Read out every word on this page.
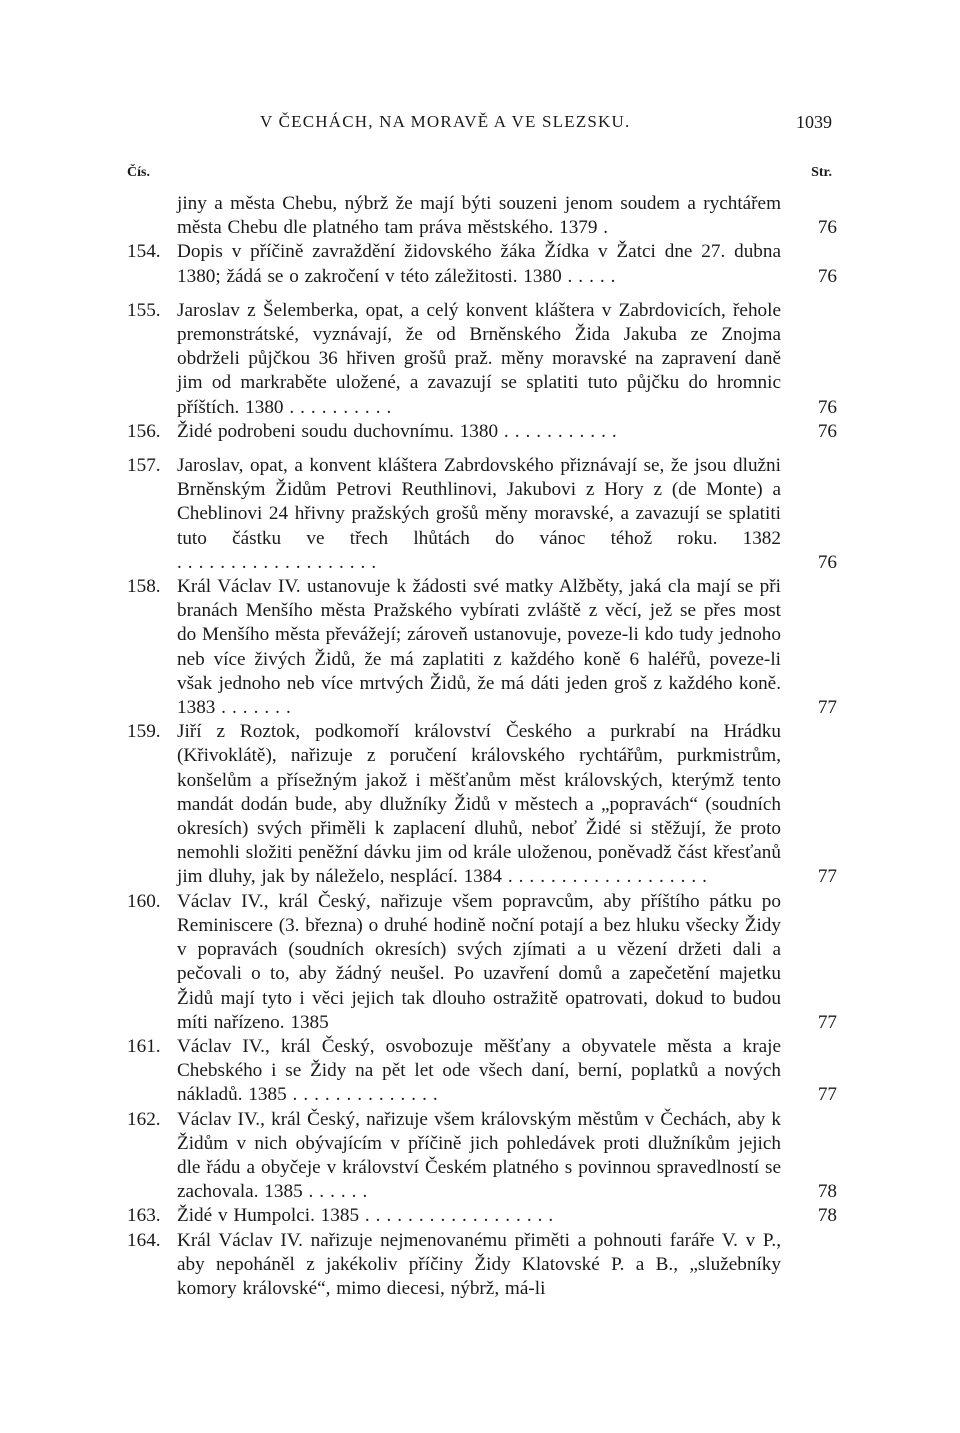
V ČECHÁCH, NA MORAVĚ A VE SLEZSKU.	1039
Čís.	Str.
jiny a města Chebu, nýbrž že mají býti souzeni jenom soudem a rychtářem města Chebu dle platného tam práva městského. 1379 .	76
154. Dopis v příčině zavraždění židovského žáka Žídka v Žatci dne 27. dubna 1380; žádá se o zakročení v této záležitosti. 1380 .....	76
155. Jaroslav z Šelemberka, opat, a celý konvent kláštera v Zabrdovicích, řehole premonstrátské, vyznávají, že od Brněnského Žida Jakuba ze Znojma obdrželi půjčkou 36 hřiven grošů praž. měny moravské na zapravení daně jim od markraběte uložené, a zavazují se splatiti tuto půjčku do hromnic příštích. 1380 ..........	76
156. Židé podrobeni soudu duchovnímu. 1380 ...........	76
157. Jaroslav, opat, a konvent kláštera Zabrdovského přiznávají se, že jsou dlužni Brněnským Židům Petrovi Reuthlinovi, Jakubovi z Hory z (de Monte) a Cheblinovi 24 hřivny pražských grošů měny moravské, a zavazují se splatiti tuto částku ve třech lhůtách do vánoc téhož roku. 1382 ...................	76
158. Král Václav IV. ustanovuje k žádosti své matky Alžběty, jaká cla mají se při branách Menšího města Pražského vybírati zvláště z věcí, jež se přes most do Menšího města převážejí; zároveň ustanovuje, poveze-li kdo tudy jednoho neb více živých Židů, že má zaplatiti z každého koně 6 haléřů, poveze-li však jednoho neb více mrtvých Židů, že má dáti jeden groš z každého koně. 1383 .......	77
159. Jiří z Roztok, podkomoří království Českého a purkrabí na Hrádku (Křivoklátě), nařizuje z poručení královského rychtářům, purkmistrům, konšelům a přísežným jakož i měšťanům měst královských, kterýmž tento mandát dodán bude, aby dlužníky Židů v městech a „popravách“ (soudních okresích) svých přiměli k zaplacení dluhů, neboť Židé si stěžují, že proto nemohli složiti peněžní dávku jim od krále uloženou, poněvadž část křesťanů jim dluhy, jak by náleželo, nesplácí. 1384 ...................	77
160. Václav IV., král Český, nařizuje všem popravcům, aby příštího pátku po Reminiscere (3. března) o druhé hodině noční potají a bez hluku všecky Židy v popravách (soudních okresích) svých zjímati a u vězení držeti dali a pečovali o to, aby žádný neušel. Po uzavření domů a zapečetění majetku Židů mají tyto i věci jejich tak dlouho ostražitě opatrovati, dokud to budou míti nařízeno. 1385	77
161. Václav IV., král Český, osvobozuje měšťany a obyvatele města a kraje Chebského i se Židy na pět let ode všech daní, berní, poplatků a nových nákladů. 1385 ..............	77
162. Václav IV., král Český, nařizuje všem královským městům v Čechách, aby k Židům v nich obývajícím v příčině jich pohledávek proti dlužníkům jejich dle řádu a obyčeje v království Českém platného s povinnou spravedlností se zachovala. 1385 ......	78
163. Židé v Humpolci. 1385 ..................	78
164. Král Václav IV. nařizuje nejmenovanému přiměti a pohnouti faráře V. v P., aby nepoháněl z jakékoliv příčiny Židy Klatovské P. a B., „služebníky komory královské“, mimo diecesi, nýbrž, má-li
